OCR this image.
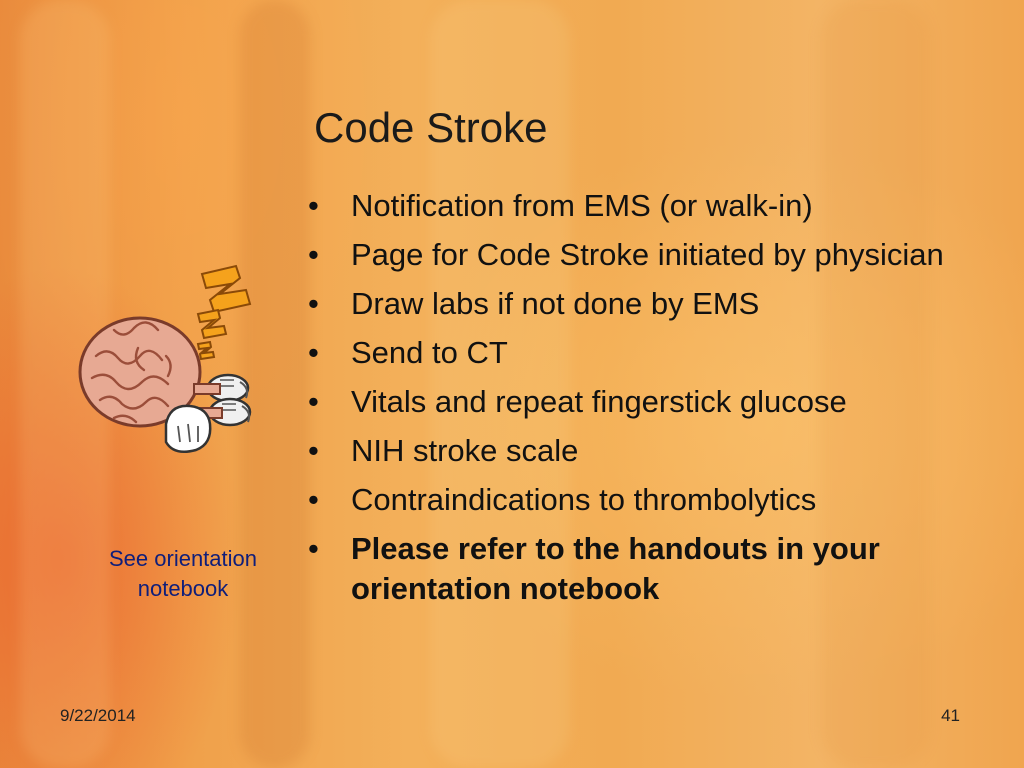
Code Stroke
• Notification from EMS (or walk-in)
• Page for Code Stroke initiated by physician
• Draw labs if not done by EMS
• Send to CT
• Vitals and repeat fingerstick glucose
• NIH stroke scale
• Contraindications to thrombolytics
• Please refer to the handouts in your orientation notebook
See orientation notebook
9/22/2014	41
